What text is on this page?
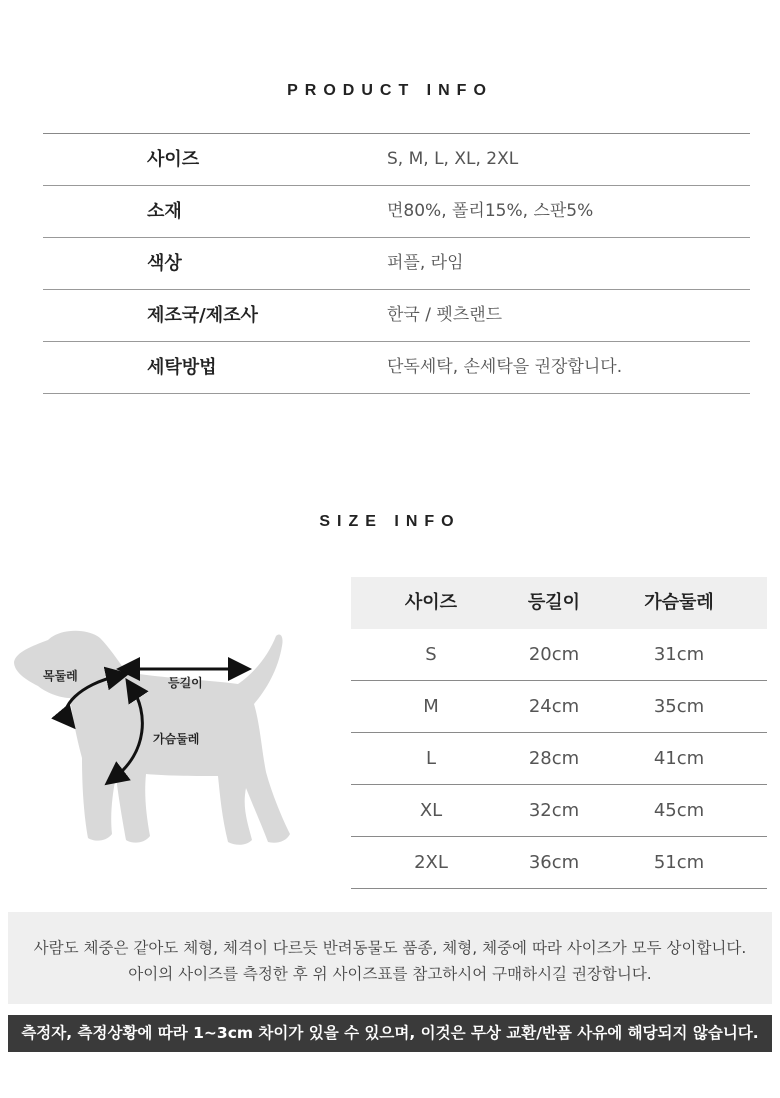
PRODUCT INFO
사이즈	S, M, L, XL, 2XL
소재	면80%, 폴리15%, 스판5%
색상	퍼플, 라임
제조국/제조사	한국 / 펫츠랜드
세탁방법	단독세탁, 손세탁을 권장합니다.
SIZE INFO
목둘레	등길이
가슴둘레
사이즈	등길이	가슴둘레
S	20cm	31cm
M	24cm	35cm
L	28cm	41cm
XL	32cm	45cm
2XL	36cm	51cm
사람도 체중은 같아도 체형, 체격이 다르듯 반려동물도 품종, 체형, 체중에 따라 사이즈가 모두 상이합니다.
아이의 사이즈를 측정한 후 위 사이즈표를 참고하시어 구매하시길 권장합니다.
측정자, 측정상황에 따라 1~3cm 차이가 있을 수 있으며, 이것은 무상 교환/반품 사유에 해당되지 않습니다.
